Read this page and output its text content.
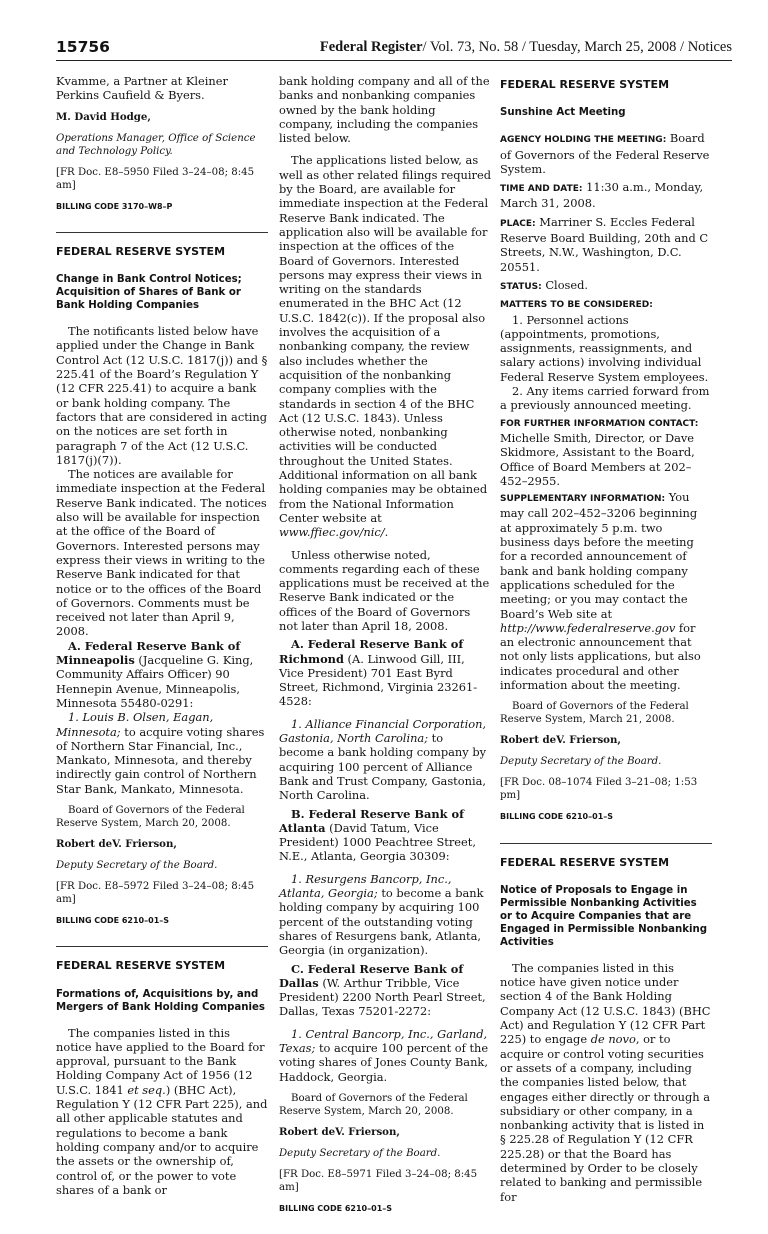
15756	Federal Register/ Vol. 73, No. 58 / Tuesday, March 25, 2008 / Notices

Kvamme, a Partner at Kleiner Perkins Caufield & Byers.

M. David Hodge,

Operations Manager, Office of Science and Technology Policy.

[FR Doc. E8–5950 Filed 3–24–08; 8:45 am]

BILLING CODE 3170–W8–P
FEDERAL RESERVE SYSTEM
Change in Bank Control Notices; Acquisition of Shares of Bank or Bank Holding Companies

The notificants listed below have applied under the Change in Bank Control Act (12 U.S.C. 1817(j)) and § 225.41 of the Board’s Regulation Y (12 CFR 225.41) to acquire a bank or bank holding company. The factors that are considered in acting on the notices are set forth in paragraph 7 of the Act (12 U.S.C. 1817(j)(7)).

The notices are available for immediate inspection at the Federal Reserve Bank indicated. The notices also will be available for inspection at the office of the Board of Governors. Interested persons may express their views in writing to the Reserve Bank indicated for that notice or to the offices of the Board of Governors. Comments must be received not later than April 9, 2008.

A. Federal Reserve Bank of Minneapolis (Jacqueline G. King, Community Affairs Officer) 90 Hennepin Avenue, Minneapolis, Minnesota 55480-0291:

1. Louis B. Olsen, Eagan, Minnesota; to acquire voting shares of Northern Star Financial, Inc., Mankato, Minnesota, and thereby indirectly gain control of Northern Star Bank, Mankato, Minnesota.

Board of Governors of the Federal Reserve System, March 20, 2008.

Robert deV. Frierson,

Deputy Secretary of the Board.

[FR Doc. E8–5972 Filed 3–24–08; 8:45 am]

BILLING CODE 6210–01–S
FEDERAL RESERVE SYSTEM
Formations of, Acquisitions by, and Mergers of Bank Holding Companies

The companies listed in this notice have applied to the Board for approval, pursuant to the Bank Holding Company Act of 1956 (12 U.S.C. 1841 et seq.) (BHC Act), Regulation Y (12 CFR Part 225), and all other applicable statutes and regulations to become a bank holding company and/or to acquire the assets or the ownership of, control of, or the power to vote shares of a bank or

bank holding company and all of the banks and nonbanking companies owned by the bank holding company, including the companies listed below.

The applications listed below, as well as other related filings required by the Board, are available for immediate inspection at the Federal Reserve Bank indicated. The application also will be available for inspection at the offices of the Board of Governors. Interested persons may express their views in writing on the standards enumerated in the BHC Act (12 U.S.C. 1842(c)). If the proposal also involves the acquisition of a nonbanking company, the review also includes whether the acquisition of the nonbanking company complies with the standards in section 4 of the BHC Act (12 U.S.C. 1843). Unless otherwise noted, nonbanking activities will be conducted throughout the United States. Additional information on all bank holding companies may be obtained from the National Information Center website at www.ffiec.gov/nic/.

Unless otherwise noted, comments regarding each of these applications must be received at the Reserve Bank indicated or the offices of the Board of Governors not later than April 18, 2008.

A. Federal Reserve Bank of Richmond (A. Linwood Gill, III, Vice President) 701 East Byrd Street, Richmond, Virginia 23261-4528:

1. Alliance Financial Corporation, Gastonia, North Carolina; to become a bank holding company by acquiring 100 percent of Alliance Bank and Trust Company, Gastonia, North Carolina.

B. Federal Reserve Bank of Atlanta (David Tatum, Vice President) 1000 Peachtree Street, N.E., Atlanta, Georgia 30309:

1. Resurgens Bancorp, Inc., Atlanta, Georgia; to become a bank holding company by acquiring 100 percent of the outstanding voting shares of Resurgens bank, Atlanta, Georgia (in organization).

C. Federal Reserve Bank of Dallas (W. Arthur Tribble, Vice President) 2200 North Pearl Street, Dallas, Texas 75201-2272:

1. Central Bancorp, Inc., Garland, Texas; to acquire 100 percent of the voting shares of Jones County Bank, Haddock, Georgia.

Board of Governors of the Federal Reserve System, March 20, 2008.

Robert deV. Frierson,

Deputy Secretary of the Board.

[FR Doc. E8–5971 Filed 3–24–08; 8:45 am]

BILLING CODE 6210–01–S
FEDERAL RESERVE SYSTEM
Sunshine Act Meeting

AGENCY HOLDING THE MEETING: Board of Governors of the Federal Reserve System.

TIME AND DATE: 11:30 a.m., Monday, March 31, 2008.

PLACE: Marriner S. Eccles Federal Reserve Board Building, 20th and C Streets, N.W., Washington, D.C. 20551.

STATUS: Closed.

MATTERS TO BE CONSIDERED:

1. Personnel actions (appointments, promotions, assignments, reassignments, and salary actions) involving individual Federal Reserve System employees.

2. Any items carried forward from a previously announced meeting.

FOR FURTHER INFORMATION CONTACT:

Michelle Smith, Director, or Dave Skidmore, Assistant to the Board, Office of Board Members at 202–452–2955.

SUPPLEMENTARY INFORMATION: You may call 202–452–3206 beginning at approximately 5 p.m. two business days before the meeting for a recorded announcement of bank and bank holding company applications scheduled for the meeting; or you may contact the Board’s Web site at http://www.federalreserve.gov for an electronic announcement that not only lists applications, but also indicates procedural and other information about the meeting.

Board of Governors of the Federal Reserve System, March 21, 2008.

Robert deV. Frierson,

Deputy Secretary of the Board.

[FR Doc. 08–1074 Filed 3–21–08; 1:53 pm]

BILLING CODE 6210–01–S
FEDERAL RESERVE SYSTEM
Notice of Proposals to Engage in Permissible Nonbanking Activities or to Acquire Companies that are Engaged in Permissible Nonbanking Activities

The companies listed in this notice have given notice under section 4 of the Bank Holding Company Act (12 U.S.C. 1843) (BHC Act) and Regulation Y (12 CFR Part 225) to engage de novo, or to acquire or control voting securities or assets of a company, including the companies listed below, that engages either directly or through a subsidiary or other company, in a nonbanking activity that is listed in § 225.28 of Regulation Y (12 CFR 225.28) or that the Board has determined by Order to be closely related to banking and permissible for
